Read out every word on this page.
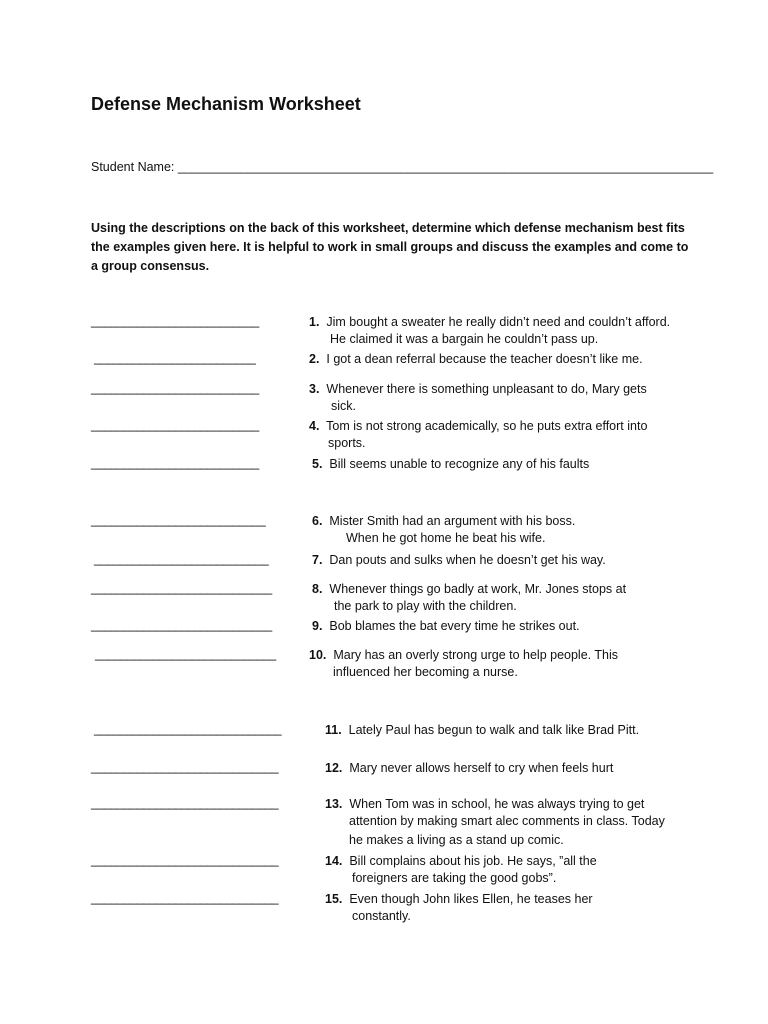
Defense Mechanism Worksheet
Student Name: _____________________________________________________________________________
Using the descriptions on the back of this worksheet, determine which defense mechanism best fits the examples given here. It is helpful to work in small groups and discuss the examples and come to a group consensus.
__________________________
_________________________
__________________________
__________________________
__________________________
___________________________
___________________________
____________________________
____________________________
____________________________
_____________________________
_____________________________
_____________________________
_____________________________
_____________________________
1. Jim bought a sweater he really didn’t need and couldn’t afford.
He claimed it was a bargain he couldn’t pass up.
2. I got a dean referral because the teacher doesn’t like me.
3. Whenever there is something unpleasant to do, Mary gets
sick.
4. Tom is not strong academically, so he puts extra effort into
sports.
5. Bill seems unable to recognize any of his faults
6. Mister Smith had an argument with his boss.
When he got home he beat his wife.
7. Dan pouts and sulks when he doesn’t get his way.
8. Whenever things go badly at work, Mr. Jones stops at
the park to play with the children.
9. Bob blames the bat every time he strikes out.
10. Mary has an overly strong urge to help people. This
influenced her becoming a nurse.
11. Lately Paul has begun to walk and talk like Brad Pitt.
12. Mary never allows herself to cry when feels hurt
13. When Tom was in school, he was always trying to get
attention by making smart alec comments in class. Today
he makes a living as a stand up comic.
14. Bill complains about his job. He says, ”all the
foreigners are taking the good gobs”.
15. Even though John likes Ellen, he teases her
constantly.
